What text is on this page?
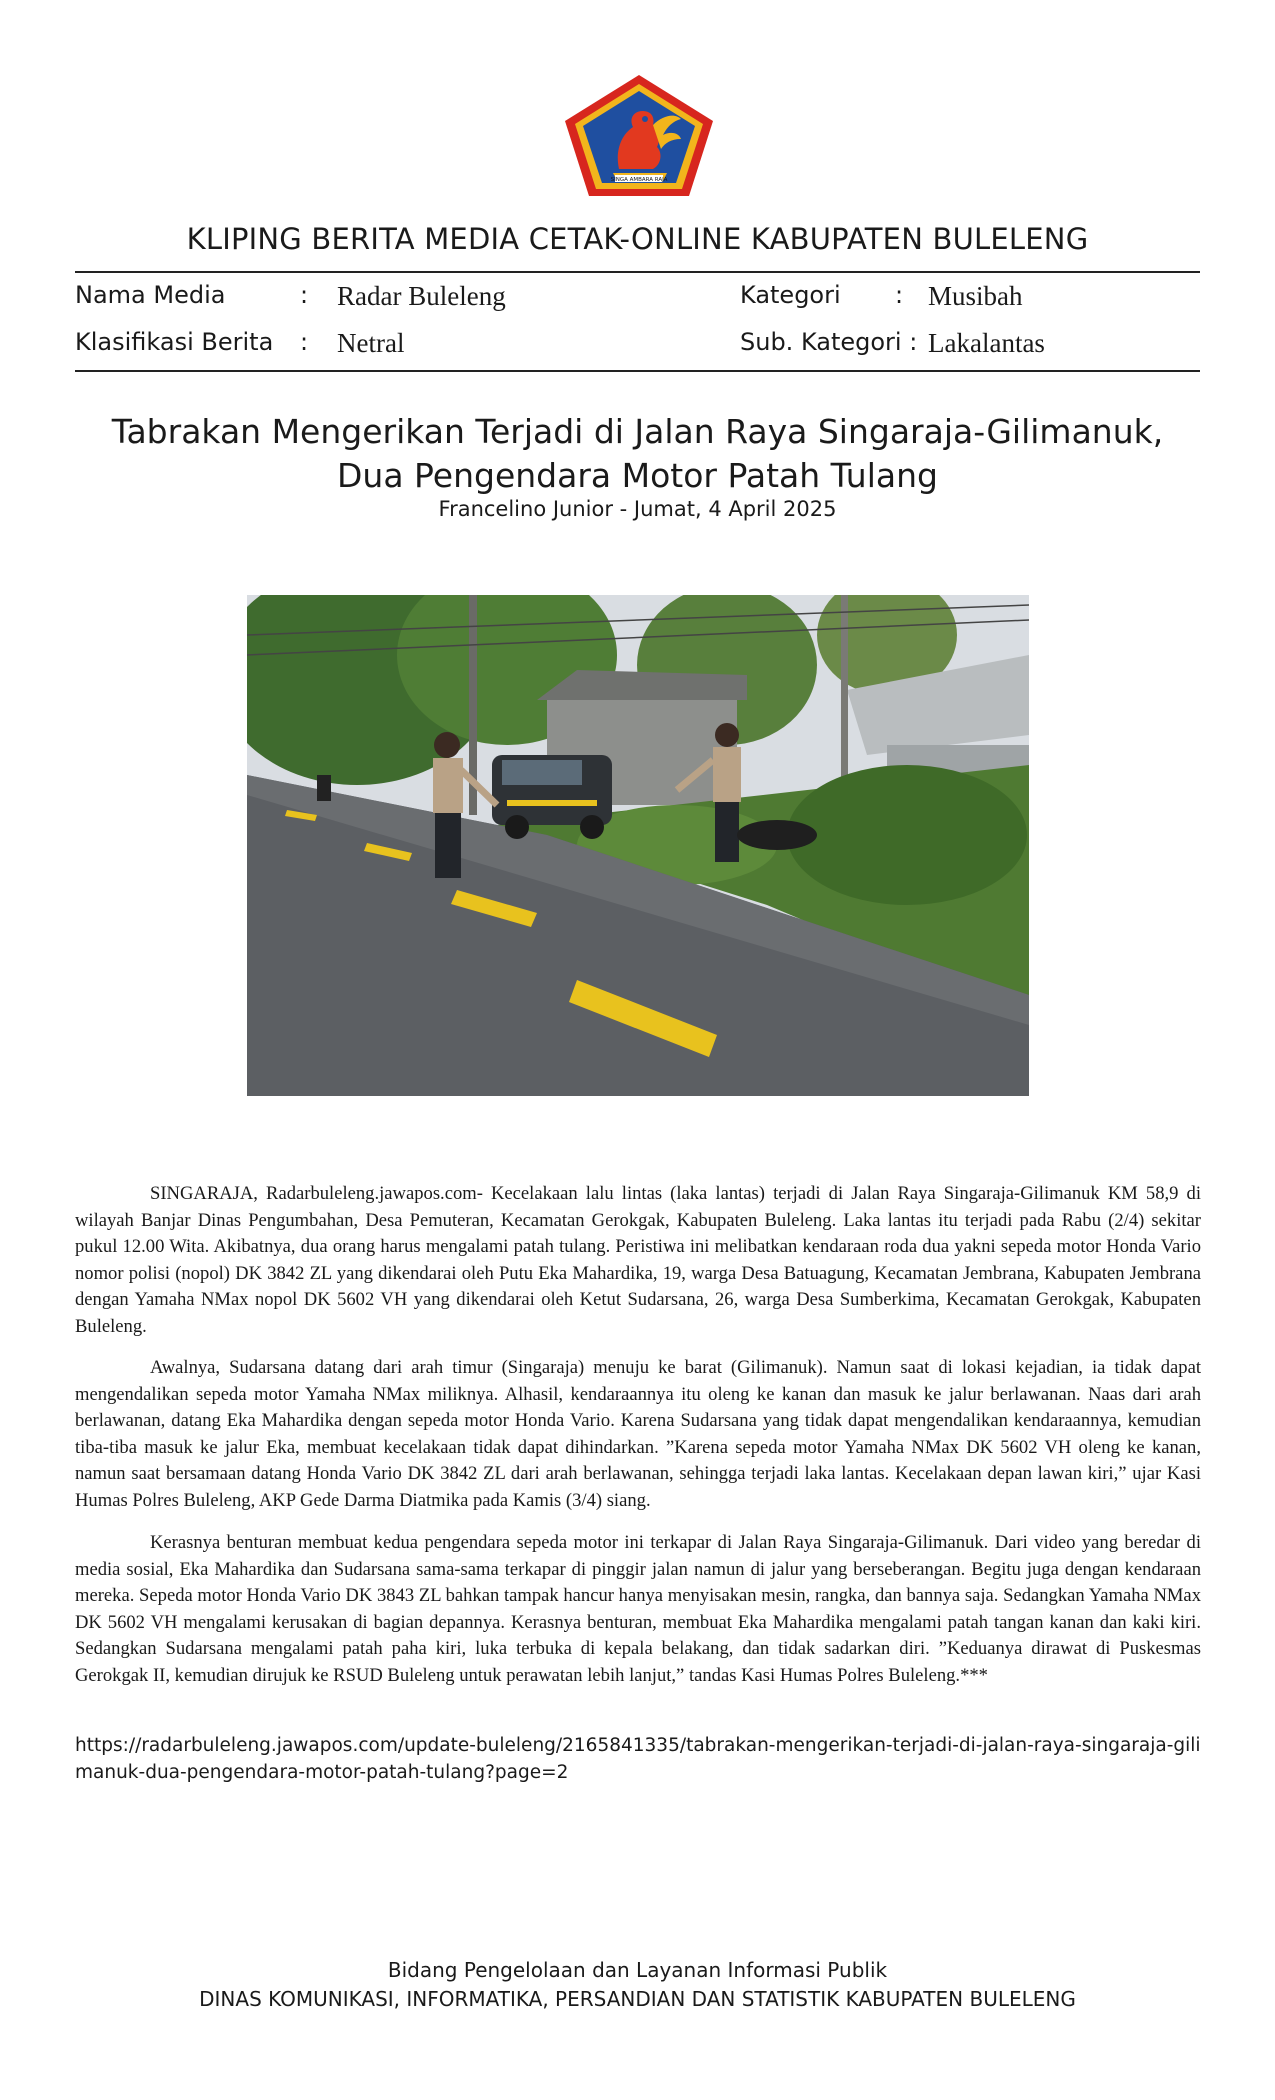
SINGA AMBARA RAJA
KLIPING BERITA MEDIA CETAK-ONLINE KABUPATEN BULELENG
Nama Media	: Radar Buleleng
Klasifikasi Berita : Netral
Kategori : Musibah
Sub. Kategori : Lakalantas
Tabrakan Mengerikan Terjadi di Jalan Raya Singaraja-Gilimanuk,
Dua Pengendara Motor Patah Tulang
Francelino Junior - Jumat, 4 April 2025

SINGARAJA, Radarbuleleng.jawapos.com- Kecelakaan lalu lintas (laka lantas) terjadi di Jalan Raya Singaraja-Gilimanuk KM 58,9 di wilayah Banjar Dinas Pengumbahan, Desa Pemuteran, Kecamatan Gerokgak, Kabupaten Buleleng. Laka lantas itu terjadi pada Rabu (2/4) sekitar pukul 12.00 Wita. Akibatnya, dua orang harus mengalami patah tulang. Peristiwa ini melibatkan kendaraan roda dua yakni sepeda motor Honda Vario nomor polisi (nopol) DK 3842 ZL yang dikendarai oleh Putu Eka Mahardika, 19, warga Desa Batuagung, Kecamatan Jembrana, Kabupaten Jembrana dengan Yamaha NMax nopol DK 5602 VH yang dikendarai oleh Ketut Sudarsana, 26, warga Desa Sumberkima, Kecamatan Gerokgak, Kabupaten Buleleng.

Awalnya, Sudarsana datang dari arah timur (Singaraja) menuju ke barat (Gilimanuk). Namun saat di lokasi kejadian, ia tidak dapat mengendalikan sepeda motor Yamaha NMax miliknya. Alhasil, kendaraannya itu oleng ke kanan dan masuk ke jalur berlawanan. Naas dari arah berlawanan, datang Eka Mahardika dengan sepeda motor Honda Vario. Karena Sudarsana yang tidak dapat mengendalikan kendaraannya, kemudian tiba-tiba masuk ke jalur Eka, membuat kecelakaan tidak dapat dihindarkan. ”Karena sepeda motor Yamaha NMax DK 5602 VH oleng ke kanan, namun saat bersamaan datang Honda Vario DK 3842 ZL dari arah berlawanan, sehingga terjadi laka lantas. Kecelakaan depan lawan kiri,” ujar Kasi Humas Polres Buleleng, AKP Gede Darma Diatmika pada Kamis (3/4) siang.

Kerasnya benturan membuat kedua pengendara sepeda motor ini terkapar di Jalan Raya Singaraja-Gilimanuk. Dari video yang beredar di media sosial, Eka Mahardika dan Sudarsana sama-sama terkapar di pinggir jalan namun di jalur yang berseberangan. Begitu juga dengan kendaraan mereka. Sepeda motor Honda Vario DK 3843 ZL bahkan tampak hancur hanya menyisakan mesin, rangka, dan bannya saja. Sedangkan Yamaha NMax DK 5602 VH mengalami kerusakan di bagian depannya. Kerasnya benturan, membuat Eka Mahardika mengalami patah tangan kanan dan kaki kiri. Sedangkan Sudarsana mengalami patah paha kiri, luka terbuka di kepala belakang, dan tidak sadarkan diri. ”Keduanya dirawat di Puskesmas Gerokgak II, kemudian dirujuk ke RSUD Buleleng untuk perawatan lebih lanjut,” tandas Kasi Humas Polres Buleleng.***

https://radarbuleleng.jawapos.com/update-buleleng/2165841335/tabrakan-mengerikan-terjadi-di-jalan-raya-singaraja-gilimanuk-dua-pengendara-motor-patah-tulang?page=2
Bidang Pengelolaan dan Layanan Informasi Publik
DINAS KOMUNIKASI, INFORMATIKA, PERSANDIAN DAN STATISTIK KABUPATEN BULELENG
